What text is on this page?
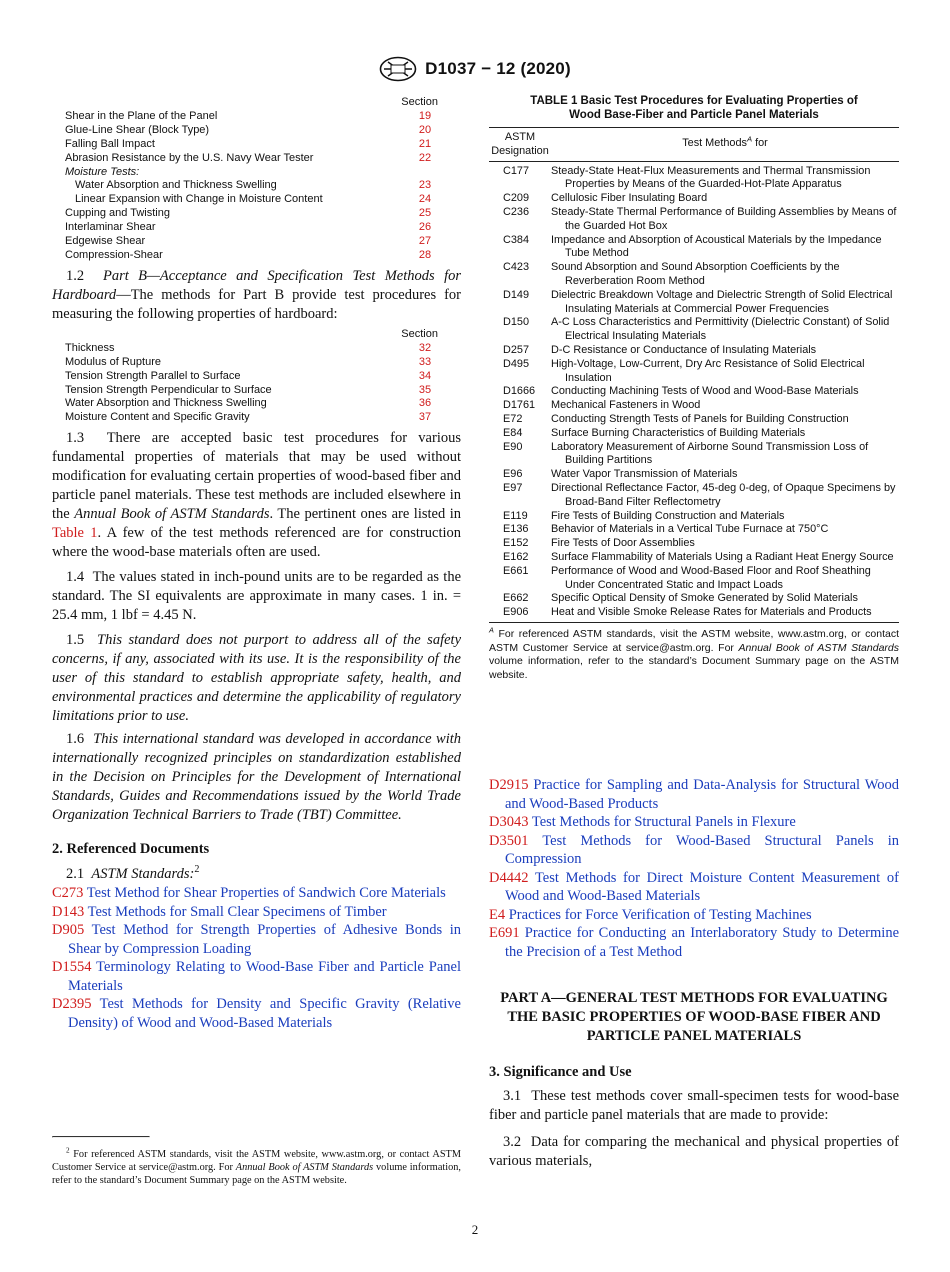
D1037 − 12 (2020)
Section
Shear in the Plane of the Panel	19
Glue-Line Shear (Block Type)	20
Falling Ball Impact	21
Abrasion Resistance by the U.S. Navy Wear Tester	22
Moisture Tests:
Water Absorption and Thickness Swelling	23
Linear Expansion with Change in Moisture Content	24
Cupping and Twisting	25
Interlaminar Shear	26
Edgewise Shear	27
Compression-Shear	28

1.2 Part B—Acceptance and Specification Test Methods for Hardboard—The methods for Part B provide test procedures for measuring the following properties of hardboard:

Section
Thickness	32
Modulus of Rupture	33
Tension Strength Parallel to Surface	34
Tension Strength Perpendicular to Surface	35
Water Absorption and Thickness Swelling	36
Moisture Content and Specific Gravity	37

1.3 There are accepted basic test procedures for various fundamental properties of materials that may be used without modification for evaluating certain properties of wood-based fiber and particle panel materials. These test methods are included elsewhere in the Annual Book of ASTM Standards. The pertinent ones are listed in Table 1. A few of the test methods referenced are for construction where the wood-base materials often are used.

1.4 The values stated in inch-pound units are to be regarded as the standard. The SI equivalents are approximate in many cases. 1 in. = 25.4 mm, 1 lbf = 4.45 N.

1.5 This standard does not purport to address all of the safety concerns, if any, associated with its use. It is the responsibility of the user of this standard to establish appropriate safety, health, and environmental practices and determine the applicability of regulatory limitations prior to use.

1.6 This international standard was developed in accordance with internationally recognized principles on standardization established in the Decision on Principles for the Development of International Standards, Guides and Recommendations issued by the World Trade Organization Technical Barriers to Trade (TBT) Committee.

2. Referenced Documents

2.1 ASTM Standards:$^2$

C273 Test Method for Shear Properties of Sandwich Core Materials
D143 Test Methods for Small Clear Specimens of Timber
D905 Test Method for Strength Properties of Adhesive Bonds in Shear by Compression Loading
D1554 Terminology Relating to Wood-Base Fiber and Particle Panel Materials
D2395 Test Methods for Density and Specific Gravity (Relative Density) of Wood and Wood-Based Materials
$^2$ For referenced ASTM standards, visit the ASTM website, www.astm.org, or contact ASTM Customer Service at service@astm.org. For Annual Book of ASTM Standards volume information, refer to the standard’s Document Summary page on the ASTM website.
TABLE 1 Basic Test Procedures for Evaluating Properties of
Wood Base-Fiber and Particle Panel Materials
ASTM
Designation
Test Methods$^A$ for
C177	Steady-State Heat-Flux Measurements and Thermal Transmission Properties by Means of the Guarded-Hot-Plate Apparatus
C209	Cellulosic Fiber Insulating Board
C236	Steady-State Thermal Performance of Building Assemblies by Means of the Guarded Hot Box
C384	Impedance and Absorption of Acoustical Materials by the Impedance Tube Method
C423	Sound Absorption and Sound Absorption Coefficients by the Reverberation Room Method
D149	Dielectric Breakdown Voltage and Dielectric Strength of Solid Electrical Insulating Materials at Commercial Power Frequencies
D150	A-C Loss Characteristics and Permittivity (Dielectric Constant) of Solid Electrical Insulating Materials
D257	D-C Resistance or Conductance of Insulating Materials
D495	High-Voltage, Low-Current, Dry Arc Resistance of Solid Electrical Insulation
D1666	Conducting Machining Tests of Wood and Wood-Base Materials
D1761	Mechanical Fasteners in Wood
E72	Conducting Strength Tests of Panels for Building Construction
E84	Surface Burning Characteristics of Building Materials
E90	Laboratory Measurement of Airborne Sound Transmission Loss of Building Partitions
E96	Water Vapor Transmission of Materials
E97	Directional Reflectance Factor, 45-deg 0-deg, of Opaque Specimens by Broad-Band Filter Reflectometry
E119	Fire Tests of Building Construction and Materials
E136	Behavior of Materials in a Vertical Tube Furnace at 750°C
E152	Fire Tests of Door Assemblies
E162	Surface Flammability of Materials Using a Radiant Heat Energy Source
E661	Performance of Wood and Wood-Based Floor and Roof Sheathing Under Concentrated Static and Impact Loads
E662	Specific Optical Density of Smoke Generated by Solid Materials
E906	Heat and Visible Smoke Release Rates for Materials and Products
$^A$ For referenced ASTM standards, visit the ASTM website, www.astm.org, or contact ASTM Customer Service at service@astm.org. For Annual Book of ASTM Standards volume information, refer to the standard’s Document Summary page on the ASTM website.
D2915 Practice for Sampling and Data-Analysis for Structural Wood and Wood-Based Products
D3043 Test Methods for Structural Panels in Flexure
D3501 Test Methods for Wood-Based Structural Panels in Compression
D4442 Test Methods for Direct Moisture Content Measurement of Wood and Wood-Based Materials
E4 Practices for Force Verification of Testing Machines
E691 Practice for Conducting an Interlaboratory Study to Determine the Precision of a Test Method
PART A—GENERAL TEST METHODS FOR EVALUATING THE BASIC PROPERTIES OF WOOD-BASE FIBER AND PARTICLE PANEL MATERIALS
3. Significance and Use

3.1 These test methods cover small-specimen tests for wood-base fiber and particle panel materials that are made to provide:

3.2 Data for comparing the mechanical and physical properties of various materials,

2
